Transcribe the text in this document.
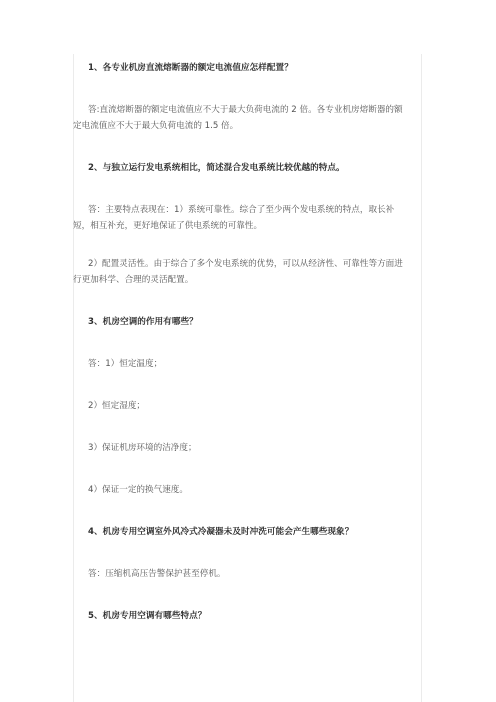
1、各专业机房直流熔断器的额定电流值应怎样配置？

答:直流熔断器的额定电流值应不大于最大负荷电流的 2 倍。各专业机房熔断器的额定电流值应不大于最大负荷电流的 1.5 倍。

2、与独立运行发电系统相比，简述混合发电系统比较优越的特点。

答：主要特点表现在：1）系统可靠性。综合了至少两个发电系统的特点，取长补短，相互补充，更好地保证了供电系统的可靠性。

2）配置灵活性。由于综合了多个发电系统的优势，可以从经济性、可靠性等方面进行更加科学、合理的灵活配置。

3、机房空调的作用有哪些？

答：1）恒定温度；

2）恒定湿度；

3）保证机房环境的洁净度；

4）保证一定的换气速度。

4、机房专用空调室外风冷式冷凝器未及时冲洗可能会产生哪些现象？

答：压缩机高压告警保护甚至停机。

5、机房专用空调有哪些特点？
